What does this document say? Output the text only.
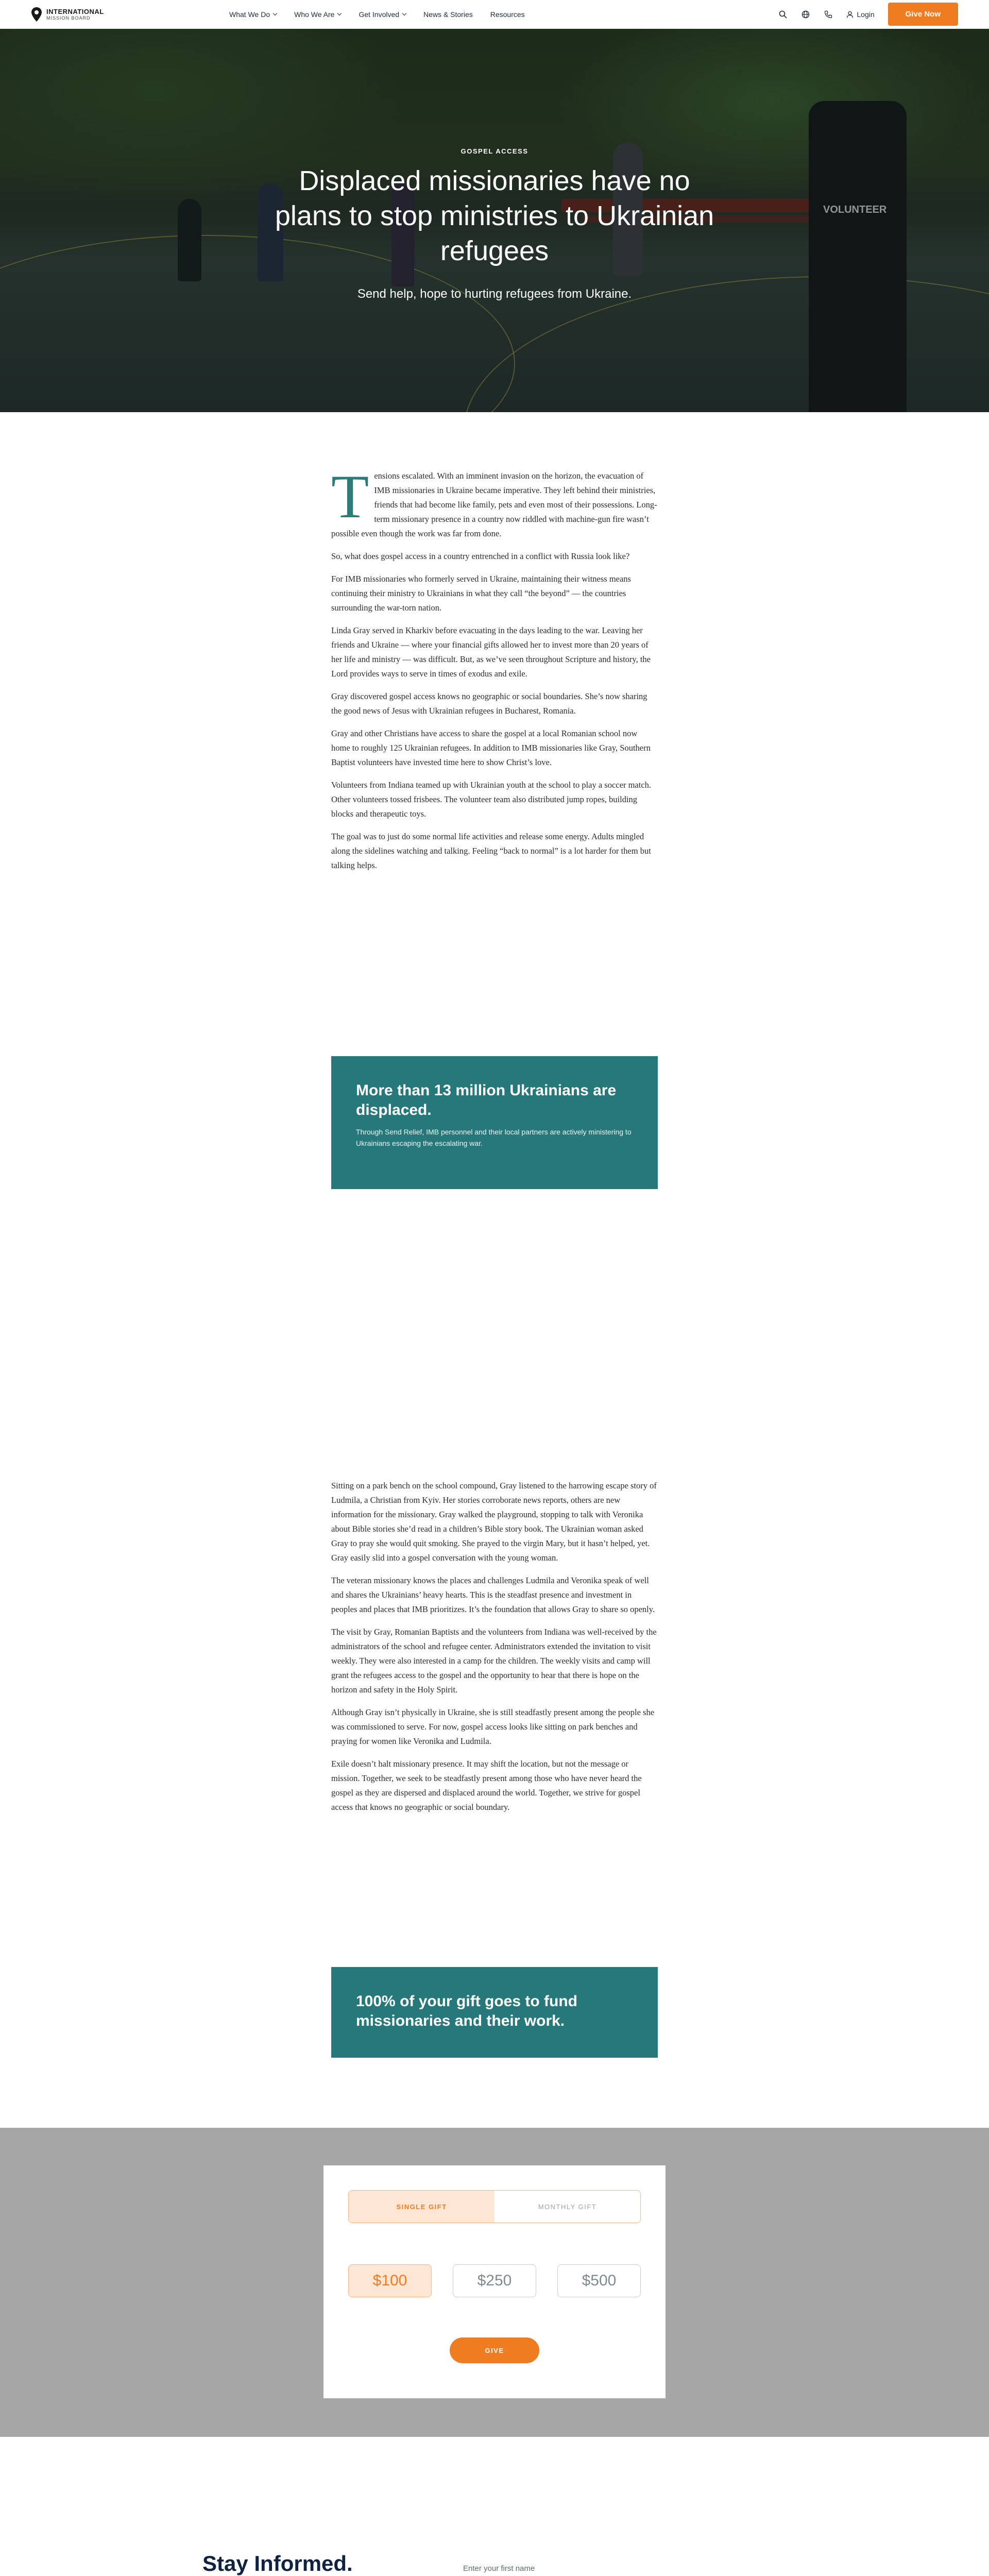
INTERNATIONAL
MISSION BOARD	What We Do	Who We Are	Get Involved	News & Stories Resources	Login	Give Now
VOLUNTEER
GOSPEL ACCESS
Displaced missionaries have no plans to stop ministries to Ukrainian refugees
Send help, hope to hurting refugees from Ukraine.

Tensions escalated. With an imminent invasion on the horizon, the evacuation of IMB missionaries in Ukraine became imperative. They left behind their ministries, friends that had become like family, pets and even most of their possessions. Long-term missionary presence in a country now riddled with machine-gun fire wasn’t possible even though the work was far from done.

So, what does gospel access in a country entrenched in a conflict with Russia look like?

For IMB missionaries who formerly served in Ukraine, maintaining their witness means continuing their ministry to Ukrainians in what they call “the beyond” — the countries surrounding the war-torn nation.

Linda Gray served in Kharkiv before evacuating in the days leading to the war. Leaving her friends and Ukraine — where your financial gifts allowed her to invest more than 20 years of her life and ministry — was difficult. But, as we’ve seen throughout Scripture and history, the Lord provides ways to serve in times of exodus and exile.

Gray discovered gospel access knows no geographic or social boundaries. She’s now sharing the good news of Jesus with Ukrainian refugees in Bucharest, Romania.

Gray and other Christians have access to share the gospel at a local Romanian school now home to roughly 125 Ukrainian refugees. In addition to IMB missionaries like Gray, Southern Baptist volunteers have invested time here to show Christ’s love.

Volunteers from Indiana teamed up with Ukrainian youth at the school to play a soccer match. Other volunteers tossed frisbees. The volunteer team also distributed jump ropes, building blocks and therapeutic toys.

The goal was to just do some normal life activities and release some energy. Adults mingled along the sidelines watching and talking. Feeling “back to normal” is a lot harder for them but talking helps.

More than 13 million Ukrainians are displaced.

Through Send Relief, IMB personnel and their local partners are actively ministering to Ukrainians escaping the escalating war.

Sitting on a park bench on the school compound, Gray listened to the harrowing escape story of Ludmila, a Christian from Kyiv. Her stories corroborate news reports, others are new information for the missionary. Gray walked the playground, stopping to talk with Veronika about Bible stories she’d read in a children’s Bible story book. The Ukrainian woman asked Gray to pray she would quit smoking. She prayed to the virgin Mary, but it hasn’t helped, yet. Gray easily slid into a gospel conversation with the young woman.

The veteran missionary knows the places and challenges Ludmila and Veronika speak of well and shares the Ukrainians’ heavy hearts. This is the steadfast presence and investment in peoples and places that IMB prioritizes. It’s the foundation that allows Gray to share so openly.

The visit by Gray, Romanian Baptists and the volunteers from Indiana was well-received by the administrators of the school and refugee center. Administrators extended the invitation to visit weekly. They were also interested in a camp for the children. The weekly visits and camp will grant the refugees access to the gospel and the opportunity to hear that there is hope on the horizon and safety in the Holy Spirit.

Although Gray isn’t physically in Ukraine, she is still steadfastly present among the people she was commissioned to serve. For now, gospel access looks like sitting on park benches and praying for women like Veronika and Ludmila.

Exile doesn’t halt missionary presence. It may shift the location, but not the message or mission. Together, we seek to be steadfastly present among those who have never heard the gospel as they are dispersed and displaced around the world. Together, we strive for gospel access that knows no geographic or social boundary.

100% of your gift goes to fund missionaries and their work.
SINGLE GIFT	MONTHLY GIFT
$100	$250	$500
GIVE
Stay Informed.

Enter your first name
